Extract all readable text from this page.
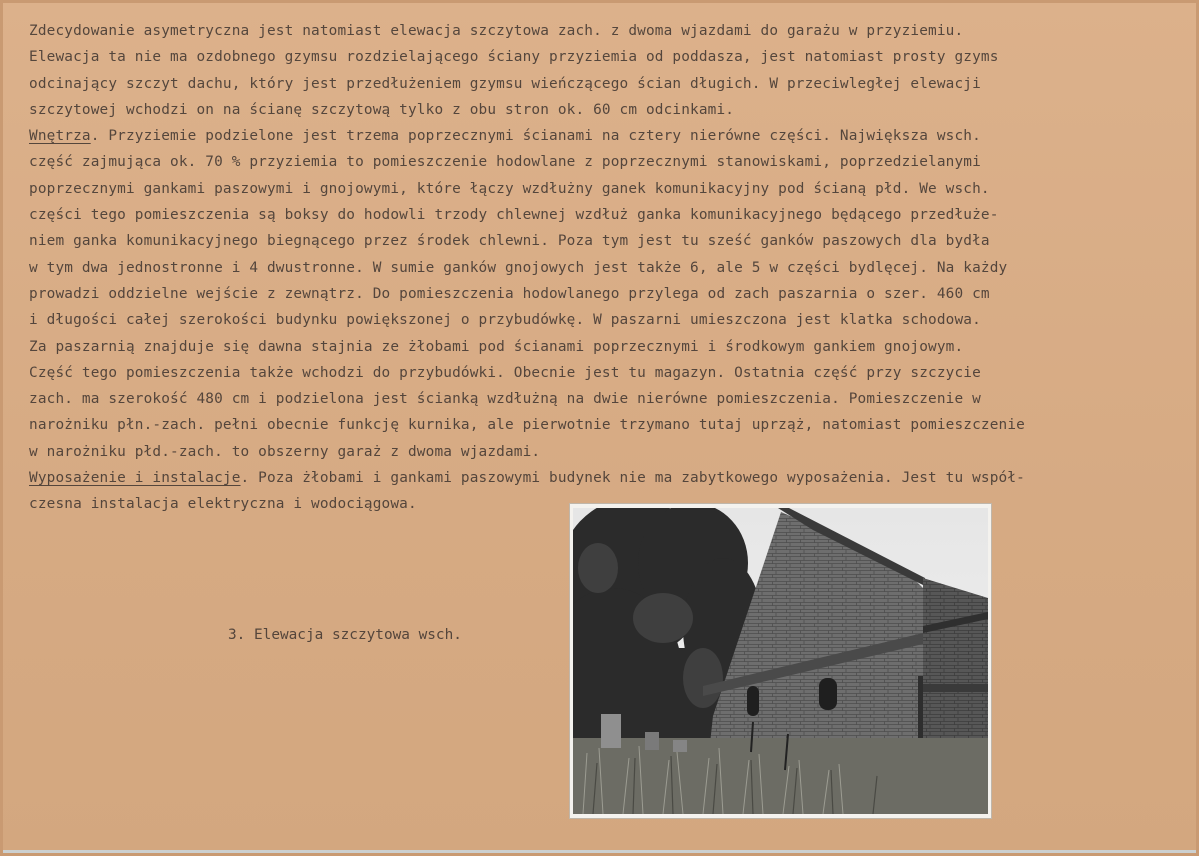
Zdecydowanie asymetryczna jest natomiast elewacja szczytowa zach. z dwoma wjazdami do garażu w przyziemiu.
Elewacja ta nie ma ozdobnego gzymsu rozdzielającego ściany przyziemia od poddasza, jest natomiast prosty gzyms
odcinający szczyt dachu, który jest przedłużeniem gzymsu wieńczącego ścian długich. W przeciwległej elewacji
szczytowej wchodzi on na ścianę szczytową tylko z obu stron ok. 60 cm odcinkami.
Wnętrza. Przyziemie podzielone jest trzema poprzecznymi ścianami na cztery nierówne części. Największa wsch.
część zajmująca ok. 70 % przyziemia to pomieszczenie hodowlane z poprzecznymi stanowiskami, poprzedzielanymi
poprzecznymi gankami paszowymi i gnojowymi, które łączy wzdłużny ganek komunikacyjny pod ścianą płd. We wsch.
części tego pomieszczenia są boksy do hodowli trzody chlewnej wzdłuż ganka komunikacyjnego będącego przedłuże-
niem ganka komunikacyjnego biegnącego przez środek chlewni. Poza tym jest tu sześć ganków paszowych dla bydła
w tym dwa jednostronne i 4 dwustronne. W sumie ganków gnojowych jest także 6, ale 5 w części bydlęcej. Na każdy
prowadzi oddzielne wejście z zewnątrz. Do pomieszczenia hodowlanego przylega od zach paszarnia o szer. 460 cm
i długości całej szerokości budynku powiększonej o przybudówkę. W paszarni umieszczona jest klatka schodowa.
Za paszarnią znajduje się dawna stajnia ze żłobami pod ścianami poprzecznymi i środkowym gankiem gnojowym.
Część tego pomieszczenia także wchodzi do przybudówki. Obecnie jest tu magazyn. Ostatnia część przy szczycie
zach. ma szerokość 480 cm i podzielona jest ścianką wzdłużną na dwie nierówne pomieszczenia. Pomieszczenie w
narożniku płn.-zach. pełni obecnie funkcję kurnika, ale pierwotnie trzymano tutaj uprząż, natomiast pomieszczenie
w narożniku płd.-zach. to obszerny garaż z dwoma wjazdami.
Wyposażenie i instalacje. Poza żłobami i gankami paszowymi budynek nie ma zabytkowego wyposażenia. Jest tu współ-
czesna instalacja elektryczna i wodociągowa.
3. Elewacja szczytowa wsch.
